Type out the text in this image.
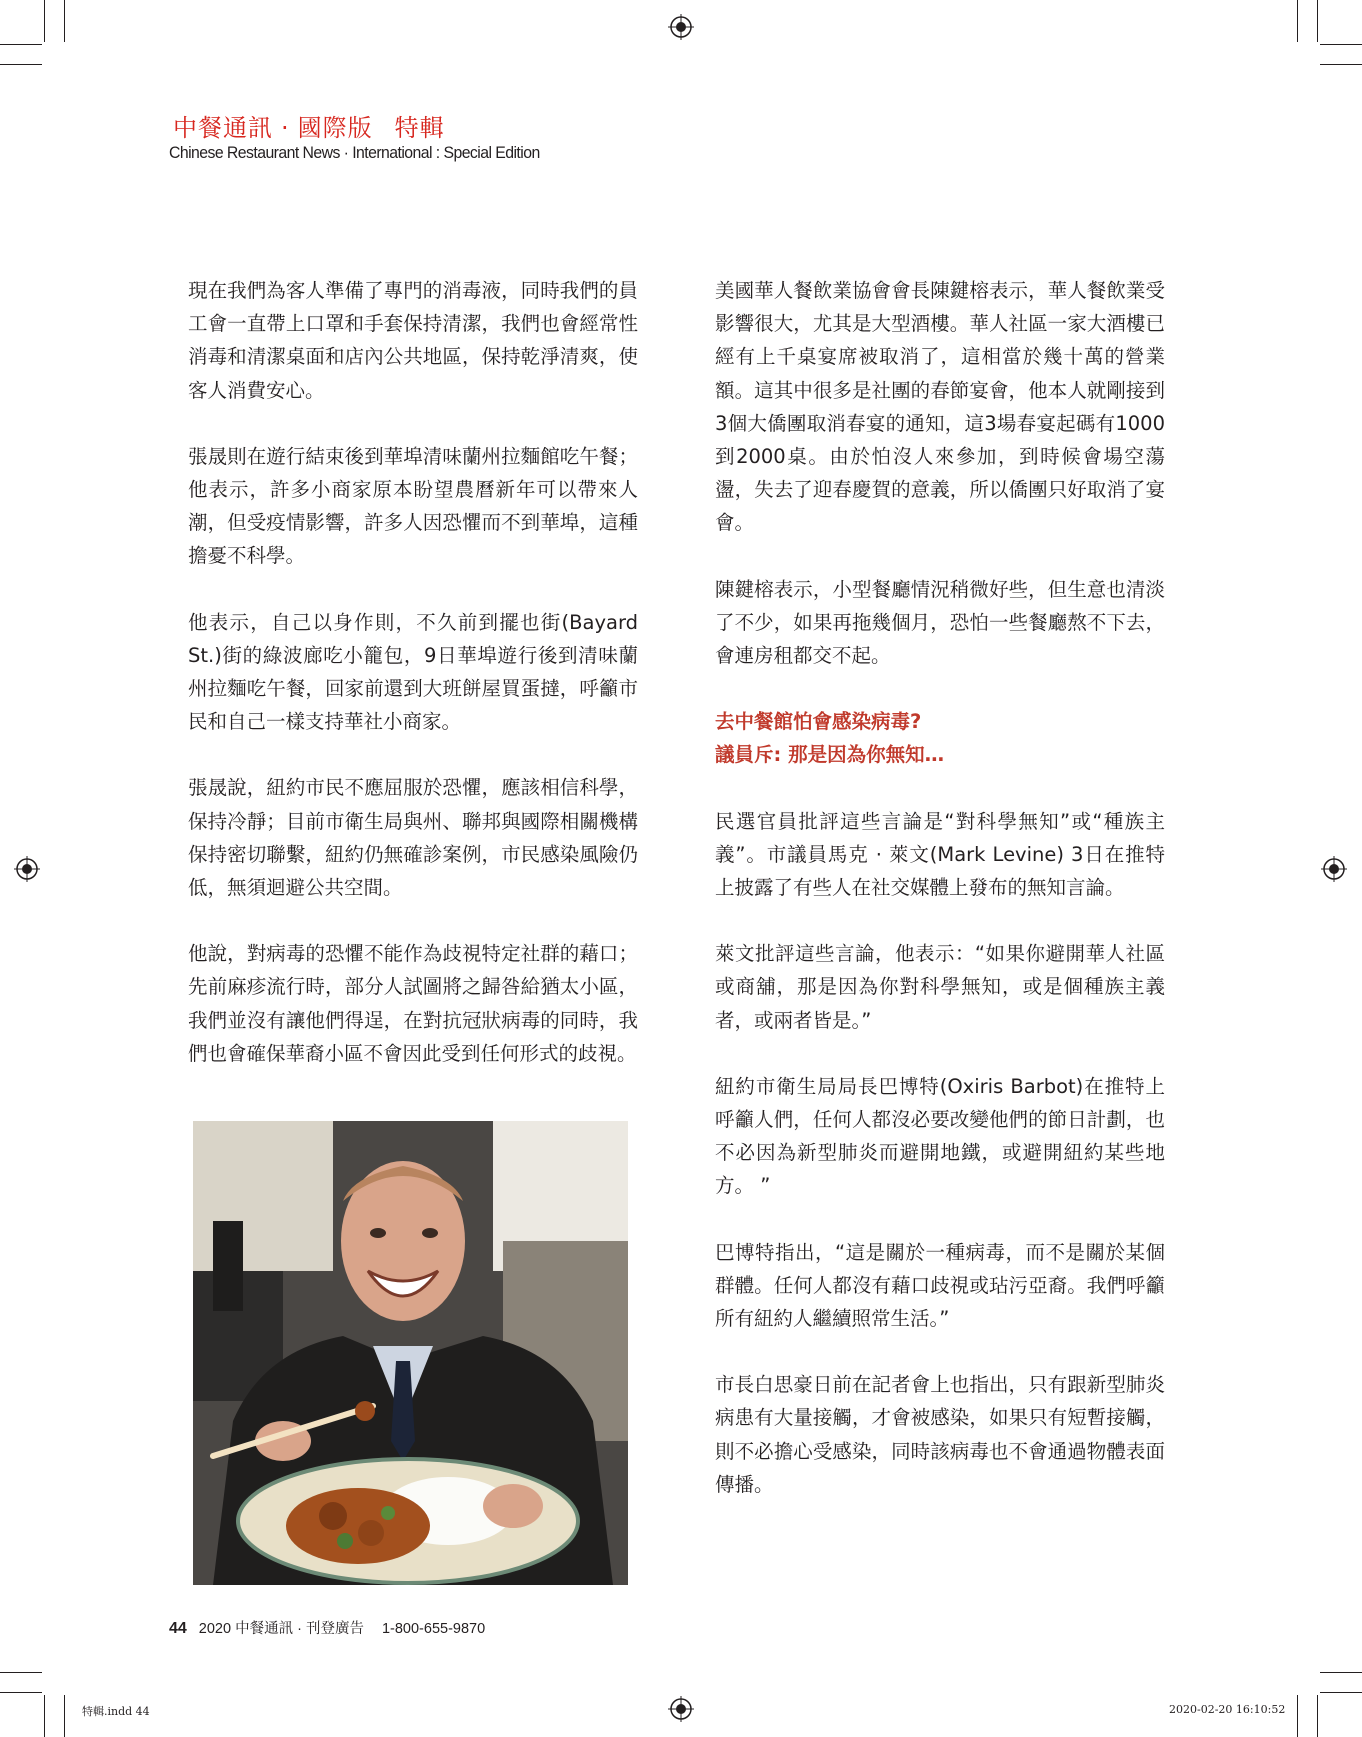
中餐通訊 · 國際版 特輯
Chinese Restaurant News · International : Special Edition

現在我們為客人準備了專門的消毒液，同時我們的員工會一直帶上口罩和手套保持清潔，我們也會經常性消毒和清潔桌面和店內公共地區，保持乾淨清爽，使客人消費安心。

張晟則在遊行結束後到華埠清味蘭州拉麵館吃午餐；他表示，許多小商家原本盼望農曆新年可以帶來人潮，但受疫情影響，許多人因恐懼而不到華埠，這種擔憂不科學。

他表示，自己以身作則，不久前到擺也街(Bayard St.)街的綠波廊吃小籠包，9日華埠遊行後到清味蘭州拉麵吃午餐，回家前還到大班餅屋買蛋撻，呼籲市民和自己一樣支持華社小商家。

張晟說，紐約市民不應屈服於恐懼，應該相信科學，保持冷靜；目前市衛生局與州、聯邦與國際相關機構保持密切聯繫，紐約仍無確診案例，市民感染風險仍低，無須迴避公共空間。

他說，對病毒的恐懼不能作為歧視特定社群的藉口；先前麻疹流行時，部分人試圖將之歸咎給猶太小區，我們並沒有讓他們得逞，在對抗冠狀病毒的同時，我們也會確保華裔小區不會因此受到任何形式的歧視。

美國華人餐飲業協會會長陳鍵榕表示，華人餐飲業受影響很大，尤其是大型酒樓。華人社區一家大酒樓已經有上千桌宴席被取消了，這相當於幾十萬的營業額。這其中很多是社團的春節宴會，他本人就剛接到3個大僑團取消春宴的通知，這3場春宴起碼有1000到2000桌。由於怕沒人來參加，到時候會場空蕩盪，失去了迎春慶賀的意義，所以僑團只好取消了宴會。

陳鍵榕表示，小型餐廳情況稍微好些，但生意也清淡了不少，如果再拖幾個月，恐怕一些餐廳熬不下去，會連房租都交不起。

去中餐館怕會感染病毒?
議員斥: 那是因為你無知…

民選官員批評這些言論是“對科學無知”或“種族主義”。市議員馬克 · 萊文(Mark Levine) 3日在推特上披露了有些人在社交媒體上發布的無知言論。

萊文批評這些言論，他表示：“如果你避開華人社區或商舖，那是因為你對科學無知，或是個種族主義者，或兩者皆是。”

紐約市衛生局局長巴博特(Oxiris Barbot)在推特上呼籲人們，任何人都沒必要改變他們的節日計劃，也不必因為新型肺炎而避開地鐵，或避開紐約某些地方。 ”

巴博特指出，“這是關於一種病毒，而不是關於某個群體。任何人都沒有藉口歧視或玷污亞裔。我們呼籲所有紐約人繼續照常生活。”

市長白思豪日前在記者會上也指出，只有跟新型肺炎病患有大量接觸，才會被感染，如果只有短暫接觸，則不必擔心受感染，同時該病毒也不會通過物體表面傳播。

44 2020 中餐通訊 · 刊登廣告 1-800-655-9870
特輯.indd 44	2020-02-20 16:10:52
